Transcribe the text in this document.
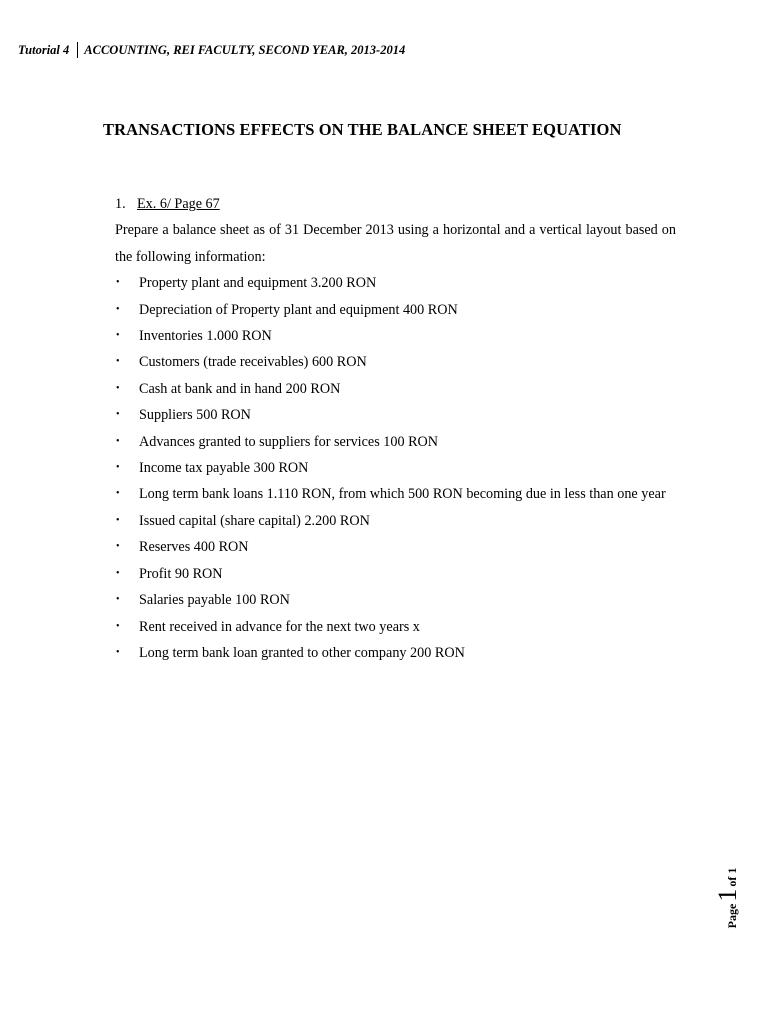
Tutorial 4 ACCOUNTING, REI FACULTY, SECOND YEAR, 2013-2014
TRANSACTIONS EFFECTS ON THE BALANCE SHEET EQUATION
1. Ex. 6/ Page 67
Prepare a balance sheet as of 31 December 2013 using a horizontal and a vertical layout based on the following information:
•	Property plant and equipment 3.200 RON
•	Depreciation of Property plant and equipment 400 RON
•	Inventories 1.000 RON
•	Customers (trade receivables) 600 RON
•	Cash at bank and in hand 200 RON
•	Suppliers 500 RON
•	Advances granted to suppliers for services 100 RON
•	Income tax payable 300 RON
•	Long term bank loans 1.110 RON, from which 500 RON becoming due in less than one year
•	Issued capital (share capital) 2.200 RON
•	Reserves 400 RON
•	Profit 90 RON
•	Salaries payable 100 RON
•	Rent received in advance for the next two years x
•	Long term bank loan granted to other company 200 RON
Page
1
of 1
